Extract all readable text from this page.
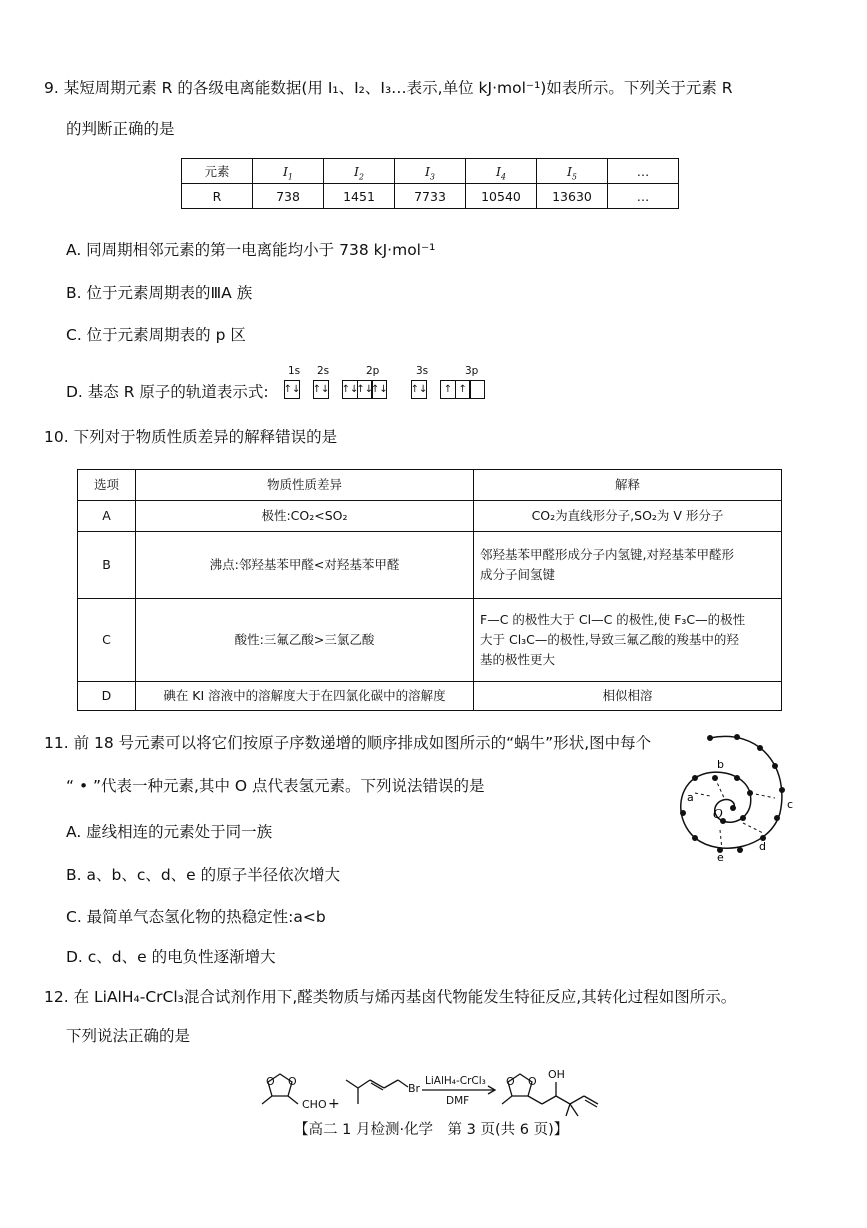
9. 某短周期元素 R 的各级电离能数据(用 I₁、I₂、I₃…表示,单位 kJ·mol⁻¹)如表所示。下列关于元素 R
的判断正确的是
元素	$I_1$	$I_2$	$I_3$	$I_4$	$I_5$	…
R	738	1451	7733	10540	13630	…
A. 同周期相邻元素的第一电离能均小于 738 kJ·mol⁻¹
B. 位于元素周期表的ⅢA 族
C. 位于元素周期表的 p 区
D. 基态 R 原子的轨道表示式:
1s 2s	2p	3s	3p
↑↓ ↑↓ ↑↓
↑↓
↑↓ ↑↓	↑ ↑
10. 下列对于物质性质差异的解释错误的是
选项	物质性质差异	解释
A	极性:CO₂<SO₂	CO₂为直线形分子,SO₂为 V 形分子
B	沸点:邻羟基苯甲醛<对羟基苯甲醛	邻羟基苯甲醛形成分子内氢键,对羟基苯甲醛形
成分子间氢键
C	酸性:三氟乙酸>三氯乙酸	F—C 的极性大于 Cl—C 的极性,使 F₃C—的极性
大于 Cl₃C—的极性,导致三氟乙酸的羧基中的羟
基的极性更大
D	碘在 KI 溶液中的溶解度大于在四氯化碳中的溶解度	相似相溶
11. 前 18 号元素可以将它们按原子序数递增的顺序排成如图所示的“蜗牛”形状,图中每个
“ • ”代表一种元素,其中 O 点代表氢元素。下列说法错误的是
A. 虚线相连的元素处于同一族
B. a、b、c、d、e 的原子半径依次增大
C. 最简单气态氢化物的热稳定性:a<b
D. c、d、e 的电负性逐渐增大
a
b
c
d
e
O
12. 在 LiAlH₄-CrCl₃混合试剂作用下,醛类物质与烯丙基卤代物能发生特征反应,其转化过程如图所示。
下列说法正确的是
O O
CHO +
Br
LiAlH₄-CrCl₃
DMF
O O
OH
【高二 1 月检测·化学　第 3 页(共 6 页)】
